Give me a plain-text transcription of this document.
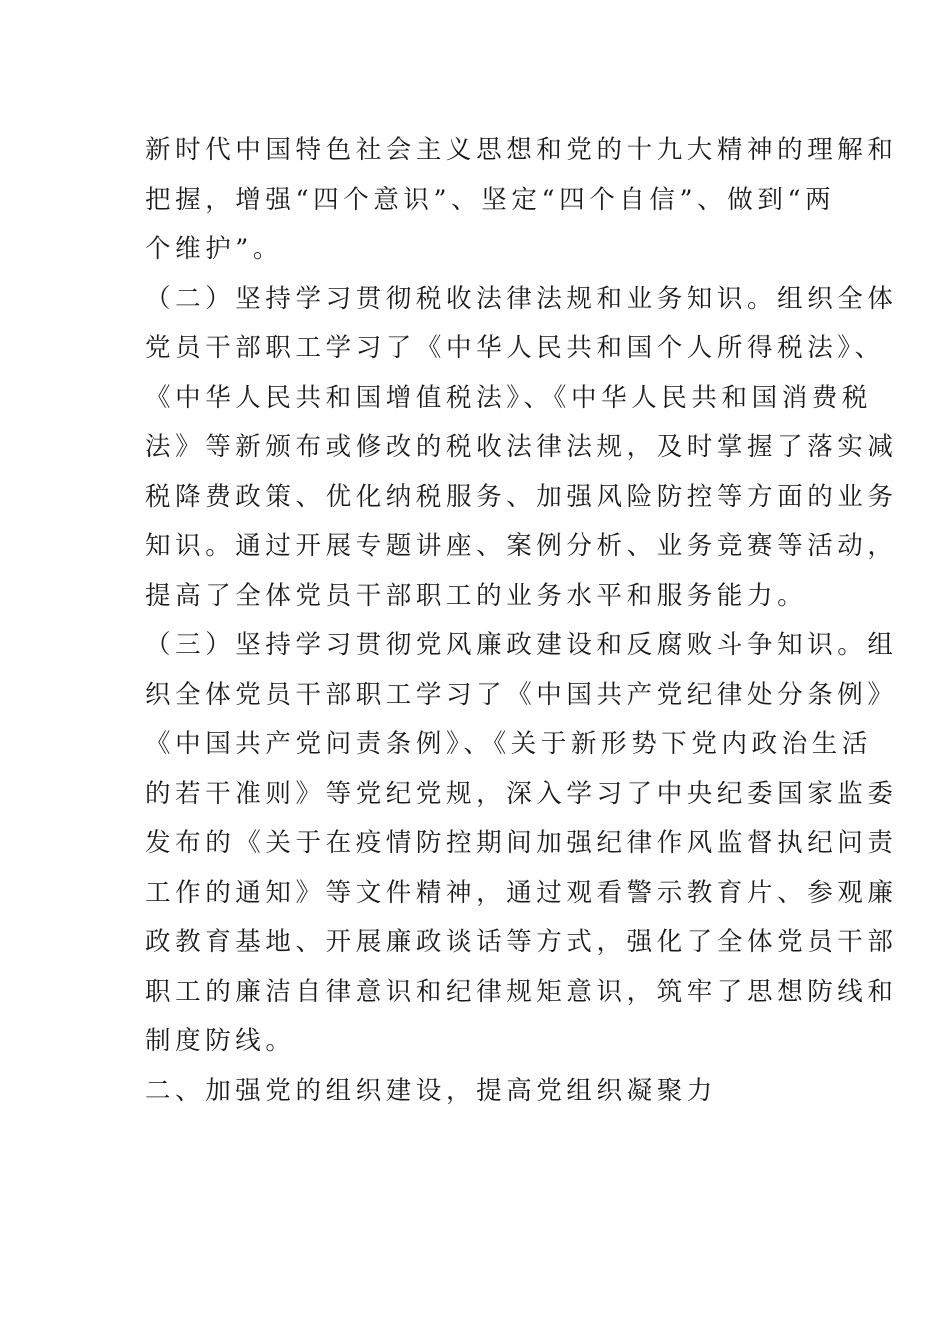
新时代中国特色社会主义思想和党的十九大精神的理解和
把握，增强“四个意识”、坚定“四个自信”、做到“两
个维护”。
（二）坚持学习贯彻税收法律法规和业务知识。组织全体
党员干部职工学习了《中华人民共和国个人所得税法》、
《中华人民共和国增值税法》、《中华人民共和国消费税
法》等新颁布或修改的税收法律法规，及时掌握了落实减
税降费政策、优化纳税服务、加强风险防控等方面的业务
知识。通过开展专题讲座、案例分析、业务竞赛等活动，
提高了全体党员干部职工的业务水平和服务能力。
（三）坚持学习贯彻党风廉政建设和反腐败斗争知识。组
织全体党员干部职工学习了《中国共产党纪律处分条例》
《中国共产党问责条例》、《关于新形势下党内政治生活
的若干准则》等党纪党规，深入学习了中央纪委国家监委
发布的《关于在疫情防控期间加强纪律作风监督执纪问责
工作的通知》等文件精神，通过观看警示教育片、参观廉
政教育基地、开展廉政谈话等方式，强化了全体党员干部
职工的廉洁自律意识和纪律规矩意识，筑牢了思想防线和
制度防线。
二、加强党的组织建设，提高党组织凝聚力
